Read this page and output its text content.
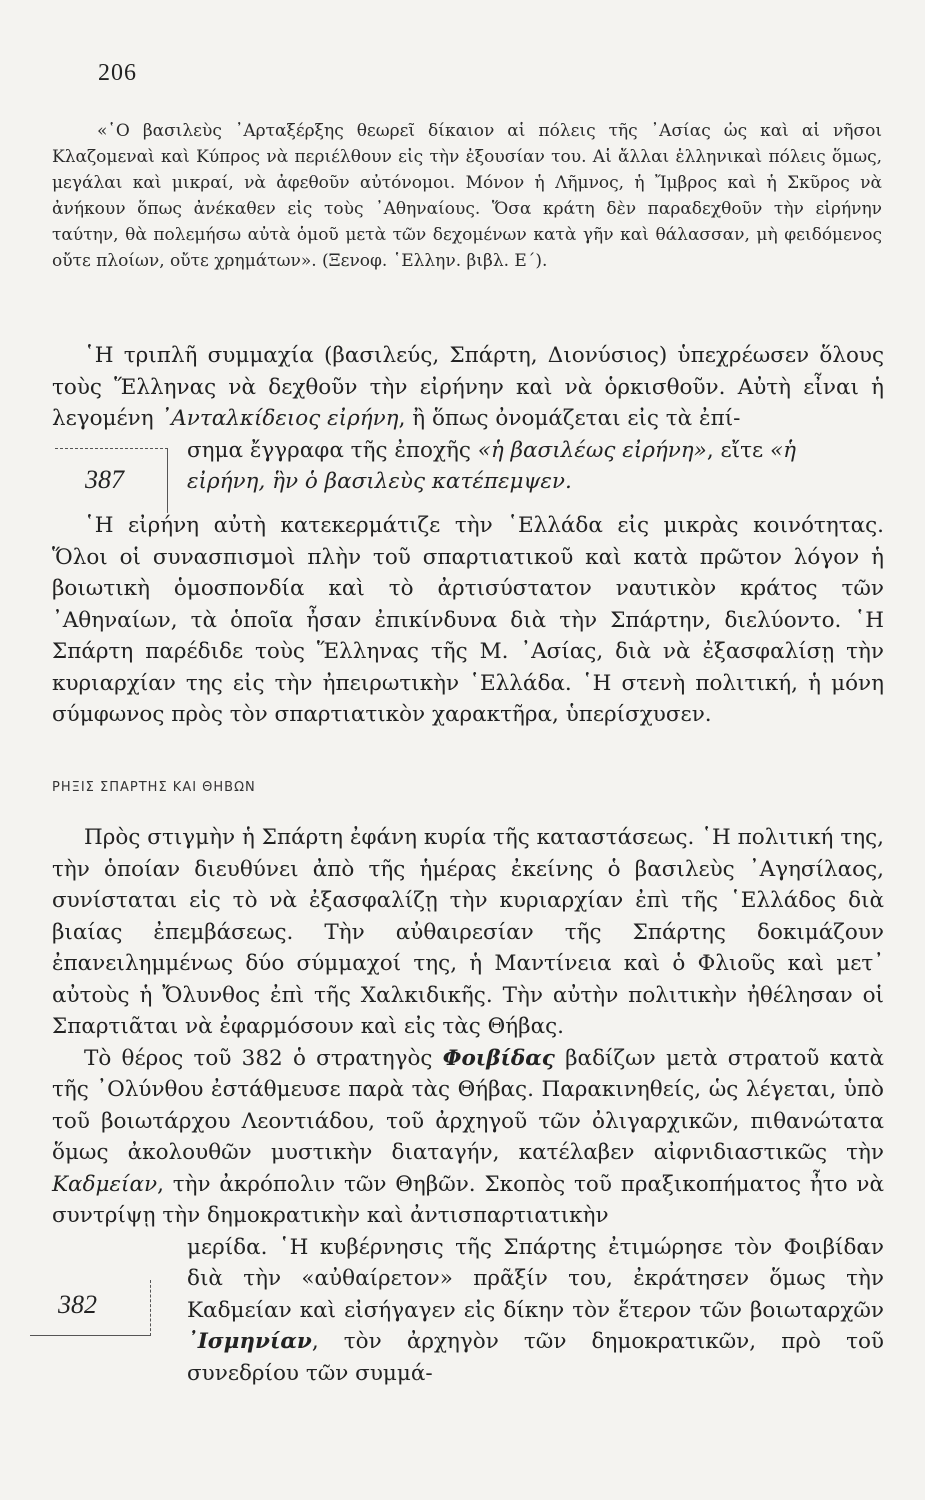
206

«῾Ο βασιλεὺς ᾿Αρταξέρξης θεωρεῖ δίκαιον αἱ πόλεις τῆς ᾿Ασίας ὡς καὶ αἱ νῆσοι Κλαζομεναὶ καὶ Κύπρος νὰ περιέλθουν εἰς τὴν ἐξουσίαν του. Αἱ ἄλλαι ἑλληνικαὶ πόλεις ὅμως, μεγάλαι καὶ μικραί, νὰ ἀφεθοῦν αὐτόνομοι. Μόνον ἡ Λῆμνος, ἡ Ἴμβρος καὶ ἡ Σκῦρος νὰ ἀνήκουν ὅπως ἀνέκαθεν εἰς τοὺς ᾿Αθηναίους. Ὅσα κράτη δὲν παραδεχθοῦν τὴν εἰρήνην ταύτην, θὰ πολεμήσω αὐτὰ ὁμοῦ μετὰ τῶν δεχομένων κατὰ γῆν καὶ θάλασσαν, μὴ φειδόμενος οὔτε πλοίων, οὔτε χρημάτων». (Ξενοφ. ῾Ελλην. βιβλ. Ε΄).

῾Η τριπλῆ συμμαχία (βασιλεύς, Σπάρτη, Διονύσιος) ὑπεχρέωσεν ὅλους τοὺς Ἕλληνας νὰ δεχθοῦν τὴν εἰρήνην καὶ νὰ ὁρκισθοῦν. Αὐτὴ εἶναι ἡ λεγομένη ᾿Ανταλκίδειος εἰρήνη, ἢ ὅπως ὀνομάζεται εἰς τὰ ἐπί-

σημα ἔγγραφα τῆς ἐποχῆς «ἡ βασιλέως εἰρήνη», εἴτε «ἡ
εἰρήνη, ἣν ὁ βασιλεὺς κατέπεμψεν.
387

῾Η εἰρήνη αὐτὴ κατεκερμάτιζε τὴν ῾Ελλάδα εἰς μικρὰς κοινότητας. Ὅλοι οἱ συνασπισμοὶ πλὴν τοῦ σπαρτιατικοῦ καὶ κατὰ πρῶτον λόγον ἡ βοιωτικὴ ὁμοσπονδία καὶ τὸ ἀρτισύστατον ναυτικὸν κράτος τῶν ᾿Αθηναίων, τὰ ὁποῖα ἦσαν ἐπικίνδυνα διὰ τὴν Σπάρτην, διελύοντο. ῾Η Σπάρτη παρέδιδε τοὺς Ἕλληνας τῆς Μ. ᾿Ασίας, διὰ νὰ ἐξασφαλίσῃ τὴν κυριαρχίαν της εἰς τὴν ἠπειρωτικὴν ῾Ελλάδα. ῾Η στενὴ πολιτική, ἡ μόνη σύμφωνος πρὸς τὸν σπαρτιατικὸν χαρακτῆρα, ὑπερίσχυσεν.

ΡΗΞΙΣ ΣΠΑΡΤΗΣ ΚΑΙ ΘΗΒΩΝ

Πρὸς στιγμὴν ἡ Σπάρτη ἐφάνη κυρία τῆς καταστάσεως. ῾Η πολιτική της, τὴν ὁποίαν διευθύνει ἀπὸ τῆς ἡμέρας ἐκείνης ὁ βασιλεὺς ᾿Αγησίλαος, συνίσταται εἰς τὸ νὰ ἐξασφαλίζῃ τὴν κυριαρχίαν ἐπὶ τῆς ῾Ελλάδος διὰ βιαίας ἐπεμβάσεως. Τὴν αὐθαιρεσίαν τῆς Σπάρτης δοκιμάζουν ἐπανειλημμένως δύο σύμμαχοί της, ἡ Μαντίνεια καὶ ὁ Φλιοῦς καὶ μετ᾿ αὐτοὺς ἡ Ὄλυνθος ἐπὶ τῆς Χαλκιδικῆς. Τὴν αὐτὴν πολιτικὴν ἠθέλησαν οἱ Σπαρτιᾶται νὰ ἐφαρμόσουν καὶ εἰς τὰς Θήβας.

Τὸ θέρος τοῦ 382 ὁ στρατηγὸς Φοιβίδας βαδίζων μετὰ στρατοῦ κατὰ τῆς ᾿Ολύνθου ἐστάθμευσε παρὰ τὰς Θήβας. Παρακινηθείς, ὡς λέγεται, ὑπὸ τοῦ βοιωτάρχου Λεοντιάδου, τοῦ ἀρχηγοῦ τῶν ὀλιγαρχικῶν, πιθανώτατα ὅμως ἀκολουθῶν μυστικὴν διαταγήν, κατέλαβεν αἰφνιδιαστικῶς τὴν Καδμείαν, τὴν ἀκρόπολιν τῶν Θηβῶν. Σκοπὸς τοῦ πραξικοπήματος ἦτο νὰ συντρίψῃ τὴν δημοκρατικὴν καὶ ἀντισπαρτιατικὴν

μερίδα. ῾Η κυβέρνησις τῆς Σπάρτης ἐτιμώρησε τὸν Φοιβίδαν διὰ τὴν «αὐθαίρετον» πρᾶξίν του, ἐκράτησεν ὅμως τὴν Καδμείαν καὶ εἰσήγαγεν εἰς δίκην τὸν ἕτερον τῶν βοιωταρχῶν ᾿Ισμηνίαν, τὸν ἀρχηγὸν τῶν δημοκρατικῶν, πρὸ τοῦ συνεδρίου τῶν συμμά-
382
